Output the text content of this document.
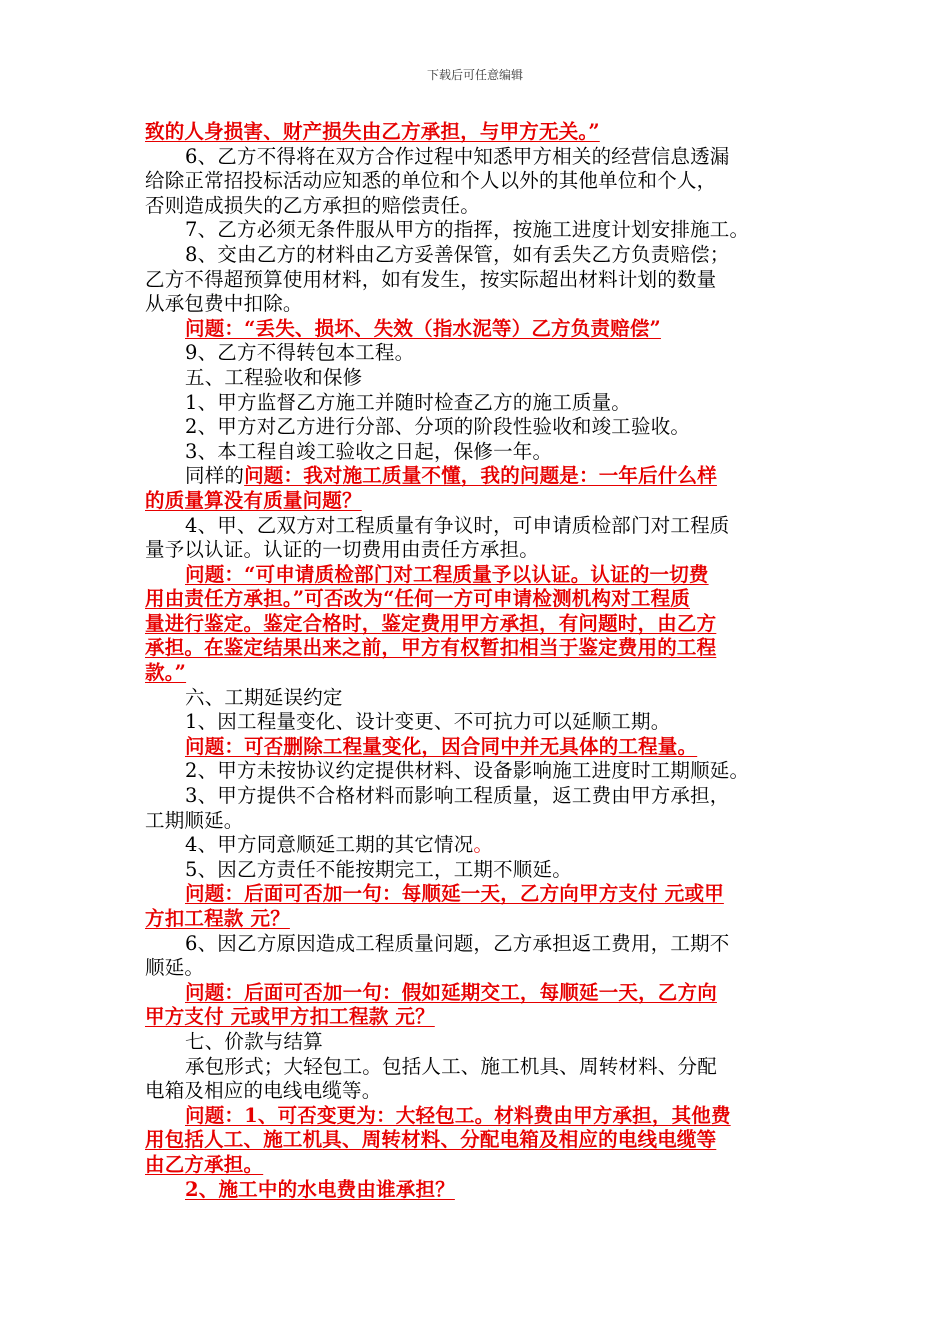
下载后可任意编辑
致的人身损害、财产损失由乙方承担，与甲方无关。”
6、乙方不得将在双方合作过程中知悉甲方相关的经营信息透漏
给除正常招投标活动应知悉的单位和个人以外的其他单位和个人，
否则造成损失的乙方承担的赔偿责任。
7、乙方必须无条件服从甲方的指挥，按施工进度计划安排施工。
8、交由乙方的材料由乙方妥善保管，如有丢失乙方负责赔偿；
乙方不得超预算使用材料，如有发生，按实际超出材料计划的数量
从承包费中扣除。
问题：“丢失、损坏、失效（指水泥等）乙方负责赔偿”
9、乙方不得转包本工程。
五、工程验收和保修
1、甲方监督乙方施工并随时检查乙方的施工质量。
2、甲方对乙方进行分部、分项的阶段性验收和竣工验收。
3、本工程自竣工验收之日起，保修一年。
同样的问题：我对施工质量不懂，我的问题是：一年后什么样
的质量算没有质量问题？
4、甲、乙双方对工程质量有争议时，可申请质检部门对工程质
量予以认证。认证的一切费用由责任方承担。
问题：“可申请质检部门对工程质量予以认证。认证的一切费
用由责任方承担。”可否改为“任何一方可申请检测机构对工程质
量进行鉴定。鉴定合格时，鉴定费用甲方承担，有问题时，由乙方
承担。在鉴定结果出来之前，甲方有权暂扣相当于鉴定费用的工程
款。”
六、工期延误约定
1、因工程量变化、设计变更、不可抗力可以延顺工期。
问题：可否删除工程量变化，因合同中并无具体的工程量。
2、甲方未按协议约定提供材料、设备影响施工进度时工期顺延。
3、甲方提供不合格材料而影响工程质量，返工费由甲方承担，
工期顺延。
4、甲方同意顺延工期的其它情况。
5、因乙方责任不能按期完工，工期不顺延。
问题：后面可否加一句：每顺延一天，乙方向甲方支付 元或甲
方扣工程款 元？
6、因乙方原因造成工程质量问题，乙方承担返工费用，工期不
顺延。
问题：后面可否加一句：假如延期交工，每顺延一天，乙方向
甲方支付 元或甲方扣工程款 元？
七、价款与结算
承包形式；大轻包工。包括人工、施工机具、周转材料、分配
电箱及相应的电线电缆等。
问题：1、可否变更为：大轻包工。材料费由甲方承担，其他费
用包括人工、施工机具、周转材料、分配电箱及相应的电线电缆等
由乙方承担。
2、施工中的水电费由谁承担？
